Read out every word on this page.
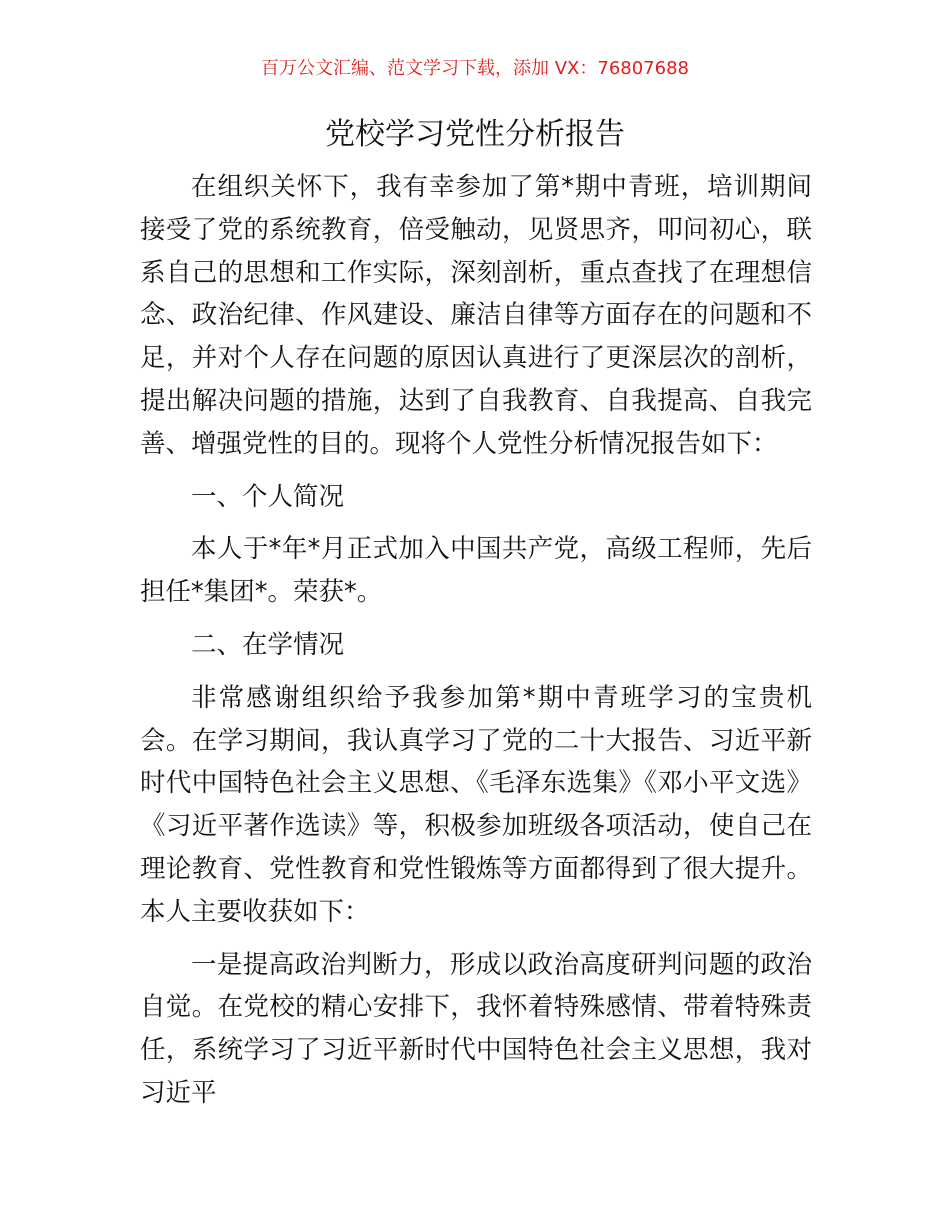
百万公文汇编、范文学习下载，添加 VX：76807688
党校学习党性分析报告

在组织关怀下，我有幸参加了第*期中青班，培训期间接受了党的系统教育，倍受触动，见贤思齐，叩问初心，联系自己的思想和工作实际，深刻剖析，重点查找了在理想信念、政治纪律、作风建设、廉洁自律等方面存在的问题和不足，并对个人存在问题的原因认真进行了更深层次的剖析，提出解决问题的措施，达到了自我教育、自我提高、自我完善、增强党性的目的。现将个人党性分析情况报告如下：

一、个人简况

本人于*年*月正式加入中国共产党，高级工程师，先后担任*集团*。荣获*。

二、在学情况

非常感谢组织给予我参加第*期中青班学习的宝贵机会。在学习期间，我认真学习了党的二十大报告、习近平新时代中国特色社会主义思想、《毛泽东选集》《邓小平文选》《习近平著作选读》等，积极参加班级各项活动，使自己在理论教育、党性教育和党性锻炼等方面都得到了很大提升。本人主要收获如下：

一是提高政治判断力，形成以政治高度研判问题的政治自觉。在党校的精心安排下，我怀着特殊感情、带着特殊责任，系统学习了习近平新时代中国特色社会主义思想，我对习近平
